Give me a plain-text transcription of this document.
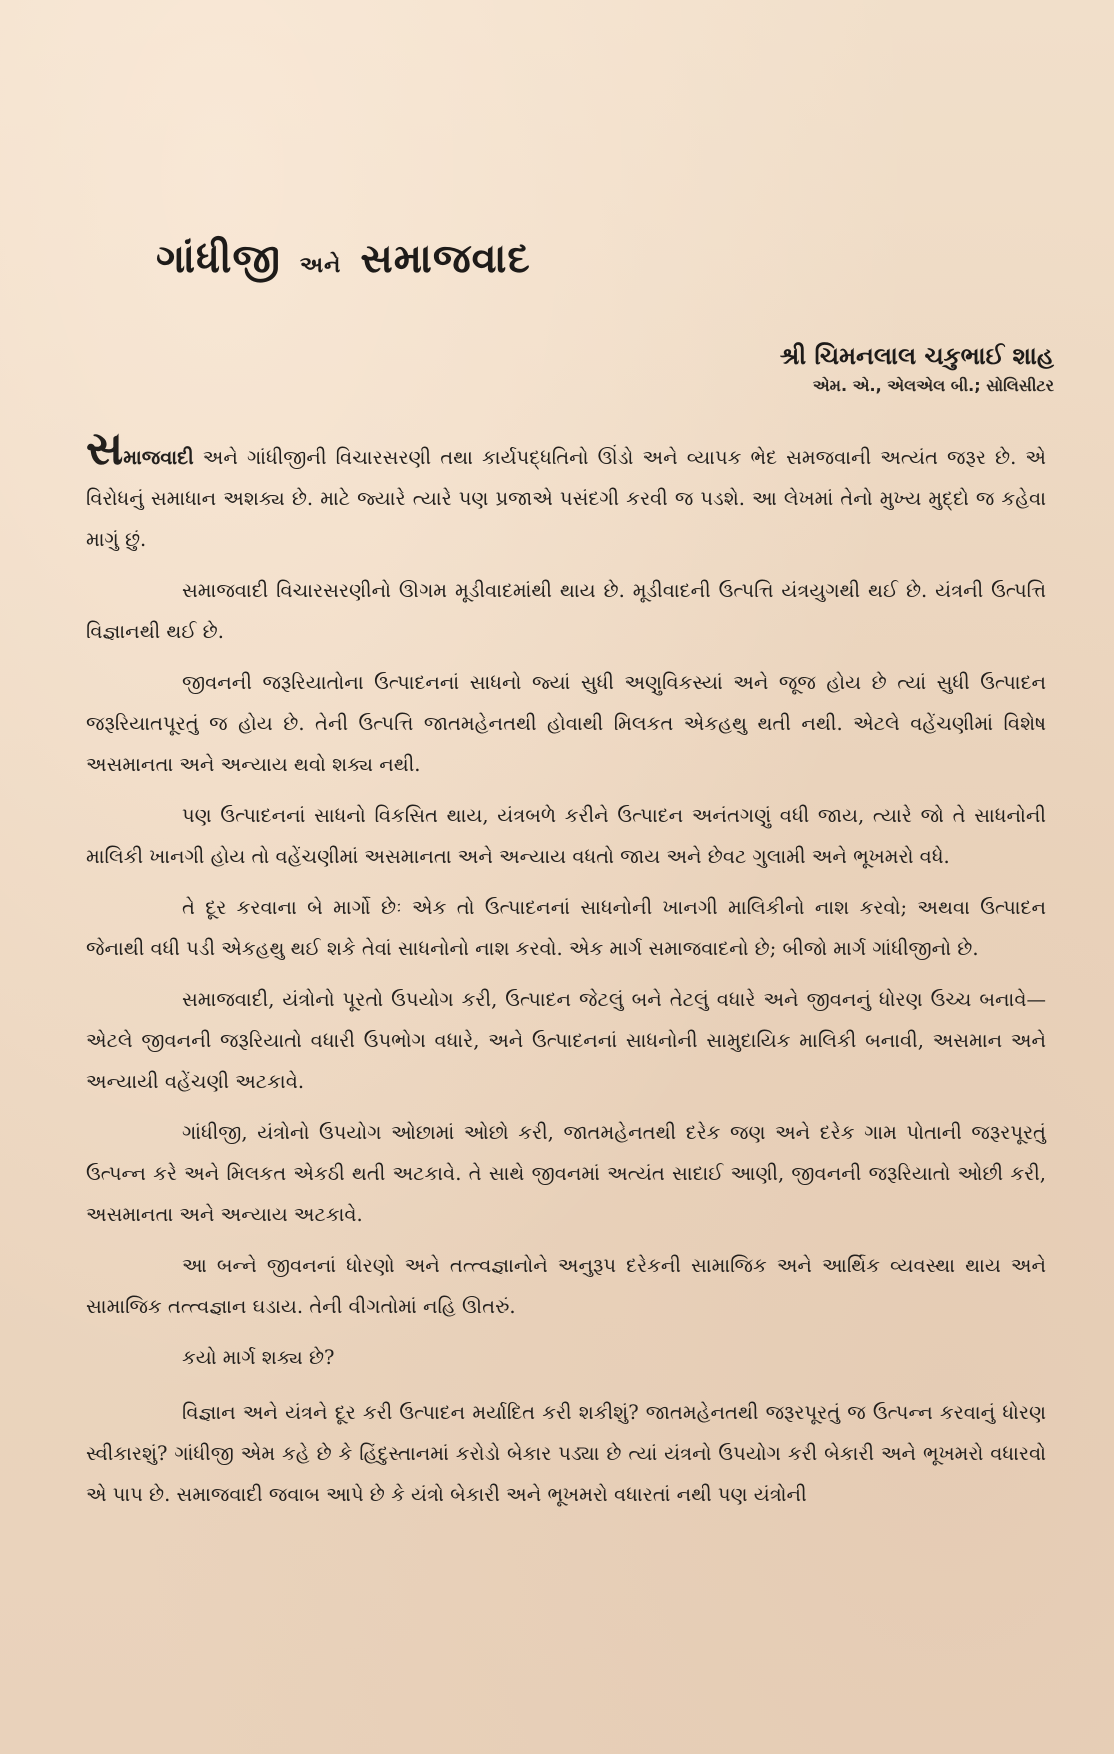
ગાંધીજી અને સમાજવાદ
શ્રી ચિમનલાલ ચકુભાઈ શાહ
એમ. એ., એલએલ બી.; સોલિસીટર

સમાજવાદી અને ગાંધીજીની વિચારસરણી તથા કાર્યપદ્ધતિનો ઊંડો અને વ્યાપક ભેદ સમજવાની અત્યંત જરૂર છે. એ વિરોધનું સમાધાન અશક્ય છે. માટે જ્યારે ત્યારે પણ પ્રજાએ પસંદગી કરવી જ પડશે. આ લેખમાં તેનો મુખ્ય મુદ્દો જ કહેવા માગું છું.

સમાજવાદી વિચારસરણીનો ઊગમ મૂડીવાદમાંથી થાય છે. મૂડીવાદની ઉત્પત્તિ યંત્રયુગથી થઈ છે. યંત્રની ઉત્પત્તિ વિજ્ઞાનથી થઈ છે.

જીવનની જરૂરિયાતોના ઉત્પાદનનાં સાધનો જ્યાં સુધી અણુવિકસ્યાં અને જૂજ હોય છે ત્યાં સુધી ઉત્પાદન જરૂરિયાતપૂરતું જ હોય છે. તેની ઉત્પત્તિ જાતમહેનતથી હોવાથી મિલકત એકહથુ થતી નથી. એટલે વહેંચણીમાં વિશેષ અસમાનતા અને અન્યાય થવો શક્ય નથી.

પણ ઉત્પાદનનાં સાધનો વિકસિત થાય, યંત્રબળે કરીને ઉત્પાદન અનંતગણું વધી જાય, ત્યારે જો તે સાધનોની માલિકી ખાનગી હોય તો વહેંચણીમાં અસમાનતા અને અન્યાય વધતો જાય અને છેવટ ગુલામી અને ભૂખમરો વધે.

તે દૂર કરવાના બે માર્ગો છેઃ એક તો ઉત્પાદનનાં સાધનોની ખાનગી માલિકીનો નાશ કરવો; અથવા ઉત્પાદન જેનાથી વધી પડી એકહથુ થઈ શકે તેવાં સાધનોનો નાશ કરવો. એક માર્ગ સમાજવાદનો છે; બીજો માર્ગ ગાંધીજીનો છે.

સમાજવાદી, યંત્રોનો પૂરતો ઉપયોગ કરી, ઉત્પાદન જેટલું બને તેટલું વધારે અને જીવનનું ધોરણ ઉચ્ચ બનાવે—એટલે જીવનની જરૂરિયાતો વધારી ઉપભોગ વધારે, અને ઉત્પાદનનાં સાધનોની સામુદાયિક માલિકી બનાવી, અસમાન અને અન્યાયી વહેંચણી અટકાવે.

ગાંધીજી, યંત્રોનો ઉપયોગ ઓછામાં ઓછો કરી, જાતમહેનતથી દરેક જણ અને દરેક ગામ પોતાની જરૂરપૂરતું ઉત્પન્ન કરે અને મિલકત એકઠી થતી અટકાવે. તે સાથે જીવનમાં અત્યંત સાદાઈ આણી, જીવનની જરૂરિયાતો ઓછી કરી, અસમાનતા અને અન્યાય અટકાવે.

આ બન્ને જીવનનાં ધોરણો અને તત્ત્વજ્ઞાનોને અનુરૂપ દરેકની સામાજિક અને આર્થિક વ્યવસ્થા થાય અને સામાજિક તત્ત્વજ્ઞાન ઘડાય. તેની વીગતોમાં નહિ ઊતરું.

કયો માર્ગ શક્ય છે?

વિજ્ઞાન અને યંત્રને દૂર કરી ઉત્પાદન મર્યાદિત કરી શકીશું? જાતમહેનતથી જરૂરપૂરતું જ ઉત્પન્ન કરવાનું ધોરણ સ્વીકારશું? ગાંધીજી એમ કહે છે કે હિંદુસ્તાનમાં કરોડો બેકાર પડ્યા છે ત્યાં યંત્રનો ઉપયોગ કરી બેકારી અને ભૂખમરો વધારવો એ પાપ છે. સમાજવાદી જવાબ આપે છે કે યંત્રો બેકારી અને ભૂખમરો વધારતાં નથી પણ યંત્રોની
